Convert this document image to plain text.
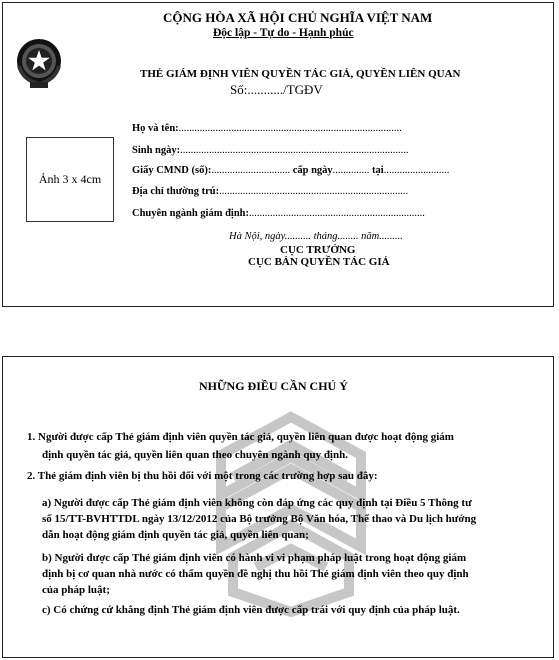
CỘNG HÒA XÃ HỘI CHỦ NGHĨA VIỆT NAM
Độc lập - Tự do - Hạnh phúc
THẺ GIÁM ĐỊNH VIÊN QUYỀN TÁC GIẢ, QUYỀN LIÊN QUAN
Số:.........../TGĐV
Ảnh 3 x 4cm
Họ và tên:.....................................................................................
Sinh ngày:.......................................................................................
Giấy CMND (số):.............................. cấp ngày.............. tại.........................
Địa chỉ thường trú:........................................................................
Chuyên ngành giám định:...................................................................
Hà Nội, ngày.......... tháng........ năm.........
CỤC TRƯỞNG
CỤC BẢN QUYỀN TÁC GIẢ
NHỮNG ĐIỀU CẦN CHÚ Ý
1. Người được cấp Thẻ giám định viên quyền tác giả, quyền liên quan được hoạt động giám
định quyền tác giả, quyền liên quan theo chuyên ngành quy định.
2. Thẻ giám định viên bị thu hồi đối với một trong các trường hợp sau đây:
a) Người được cấp Thẻ giám định viên không còn đáp ứng các quy định tại Điều 5 Thông tư
số 15/TT-BVHTTDL ngày 13/12/2012 của Bộ trưởng Bộ Văn hóa, Thể thao và Du lịch hướng
dẫn hoạt động giám định quyền tác giả, quyền liên quan;
b) Người được cấp Thẻ giám định viên có hành vi vi phạm pháp luật trong hoạt động giám
định bị cơ quan nhà nước có thẩm quyền đề nghị thu hồi Thẻ giám định viên theo quy định
của pháp luật;
c) Có chứng cứ khẳng định Thẻ giám định viên được cấp trái với quy định của pháp luật.
